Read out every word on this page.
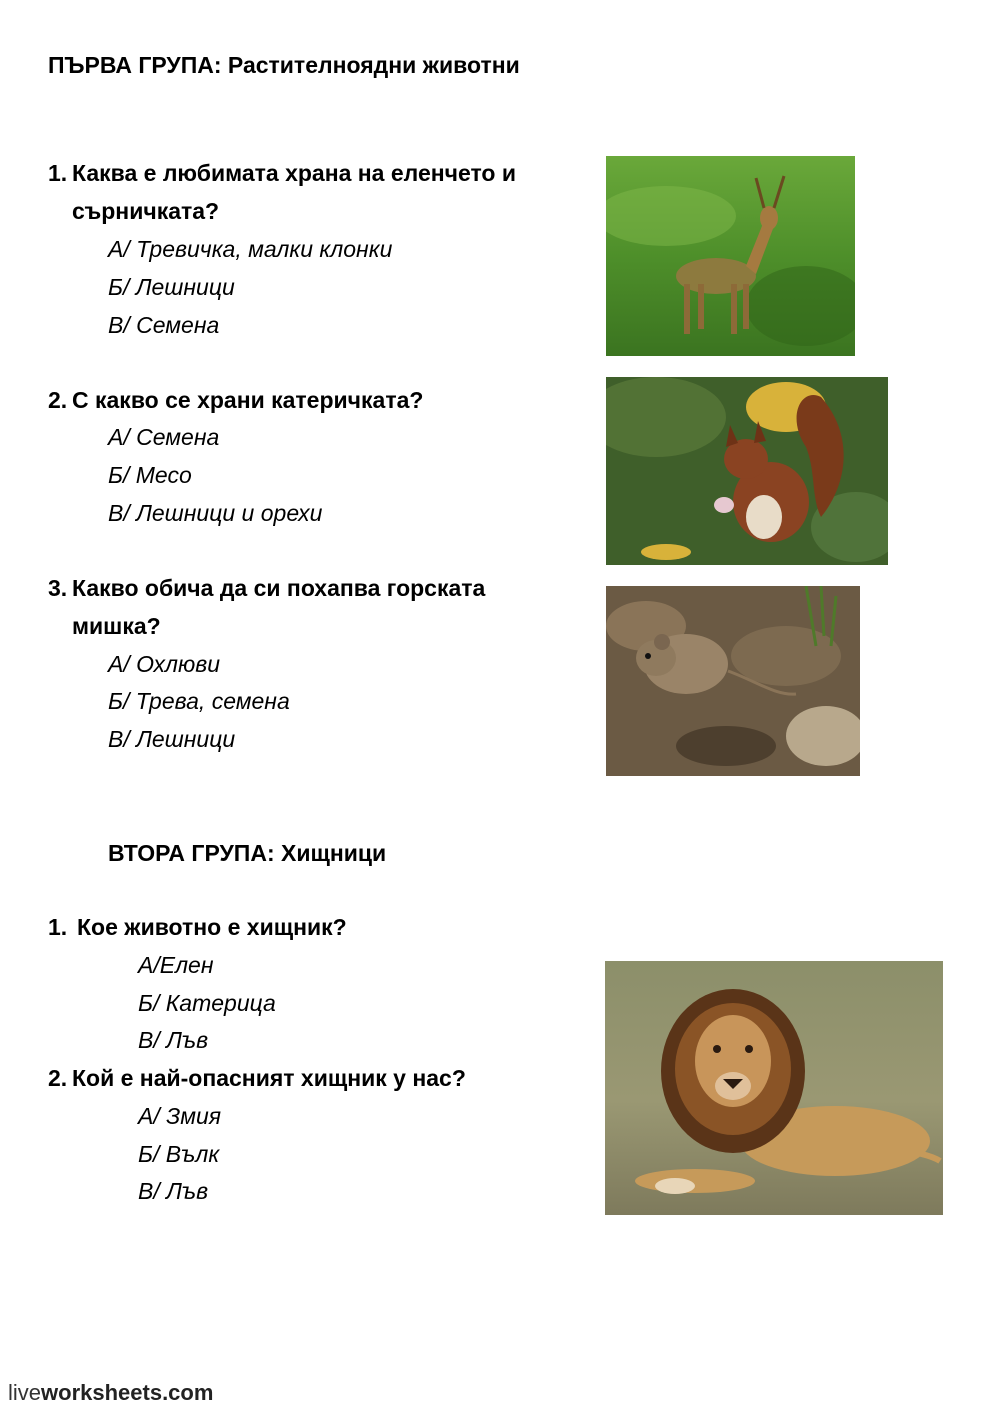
ПЪРВА ГРУПА: Растителноядни животни
1. Каква е любимата храна на еленчето и
сърничката?
А/ Тревичка, малки клонки
Б/ Лешници
В/ Семена
2. С какво се храни катеричката?
А/ Семена
Б/ Месо
В/ Лешници и орехи
3. Какво обича да си похапва горската
мишка?
А/ Охлюви
Б/ Трева, семена
В/ Лешници
ВТОРА ГРУПА: Хищници
1. Кое животно е хищник?
А/Елен
Б/ Катерица
В/ Лъв
2. Кой е най-опасният хищник у нас?
А/ Змия
Б/ Вълк
В/ Лъв
liveworksheets.com
